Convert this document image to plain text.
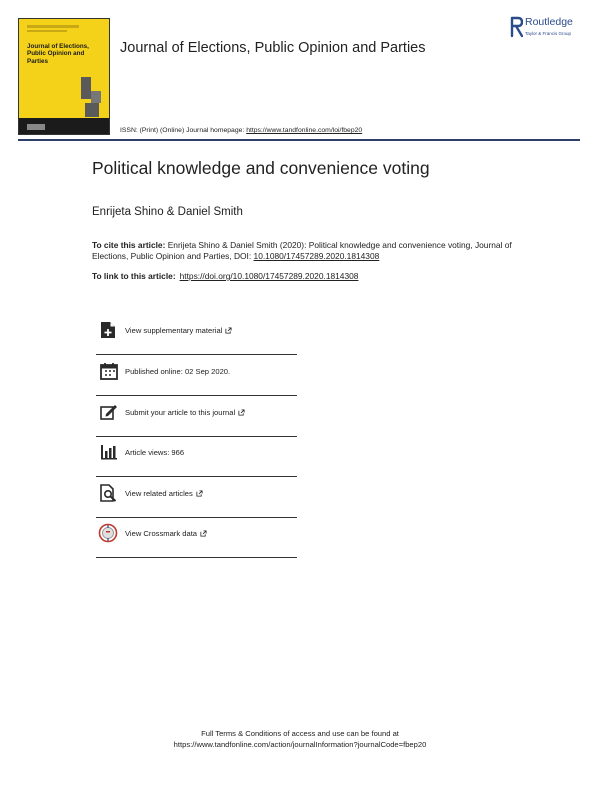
Journal of Elections, Public Opinion and Parties
Journal of Elections, Public Opinion and Parties
Routledge
Taylor & Francis Group
ISSN: (Print) (Online) Journal homepage: https://www.tandfonline.com/loi/fbep20
Political knowledge and convenience voting
Enrijeta Shino & Daniel Smith
To cite this article: Enrijeta Shino & Daniel Smith (2020): Political knowledge and convenience voting, Journal of Elections, Public Opinion and Parties, DOI: 10.1080/17457289.2020.1814308
To link to this article: https://doi.org/10.1080/17457289.2020.1814308
View supplementary material
Published online: 02 Sep 2020.
Submit your article to this journal
Article views: 966
View related articles
View Crossmark data
Full Terms & Conditions of access and use can be found at
https://www.tandfonline.com/action/journalInformation?journalCode=fbep20
